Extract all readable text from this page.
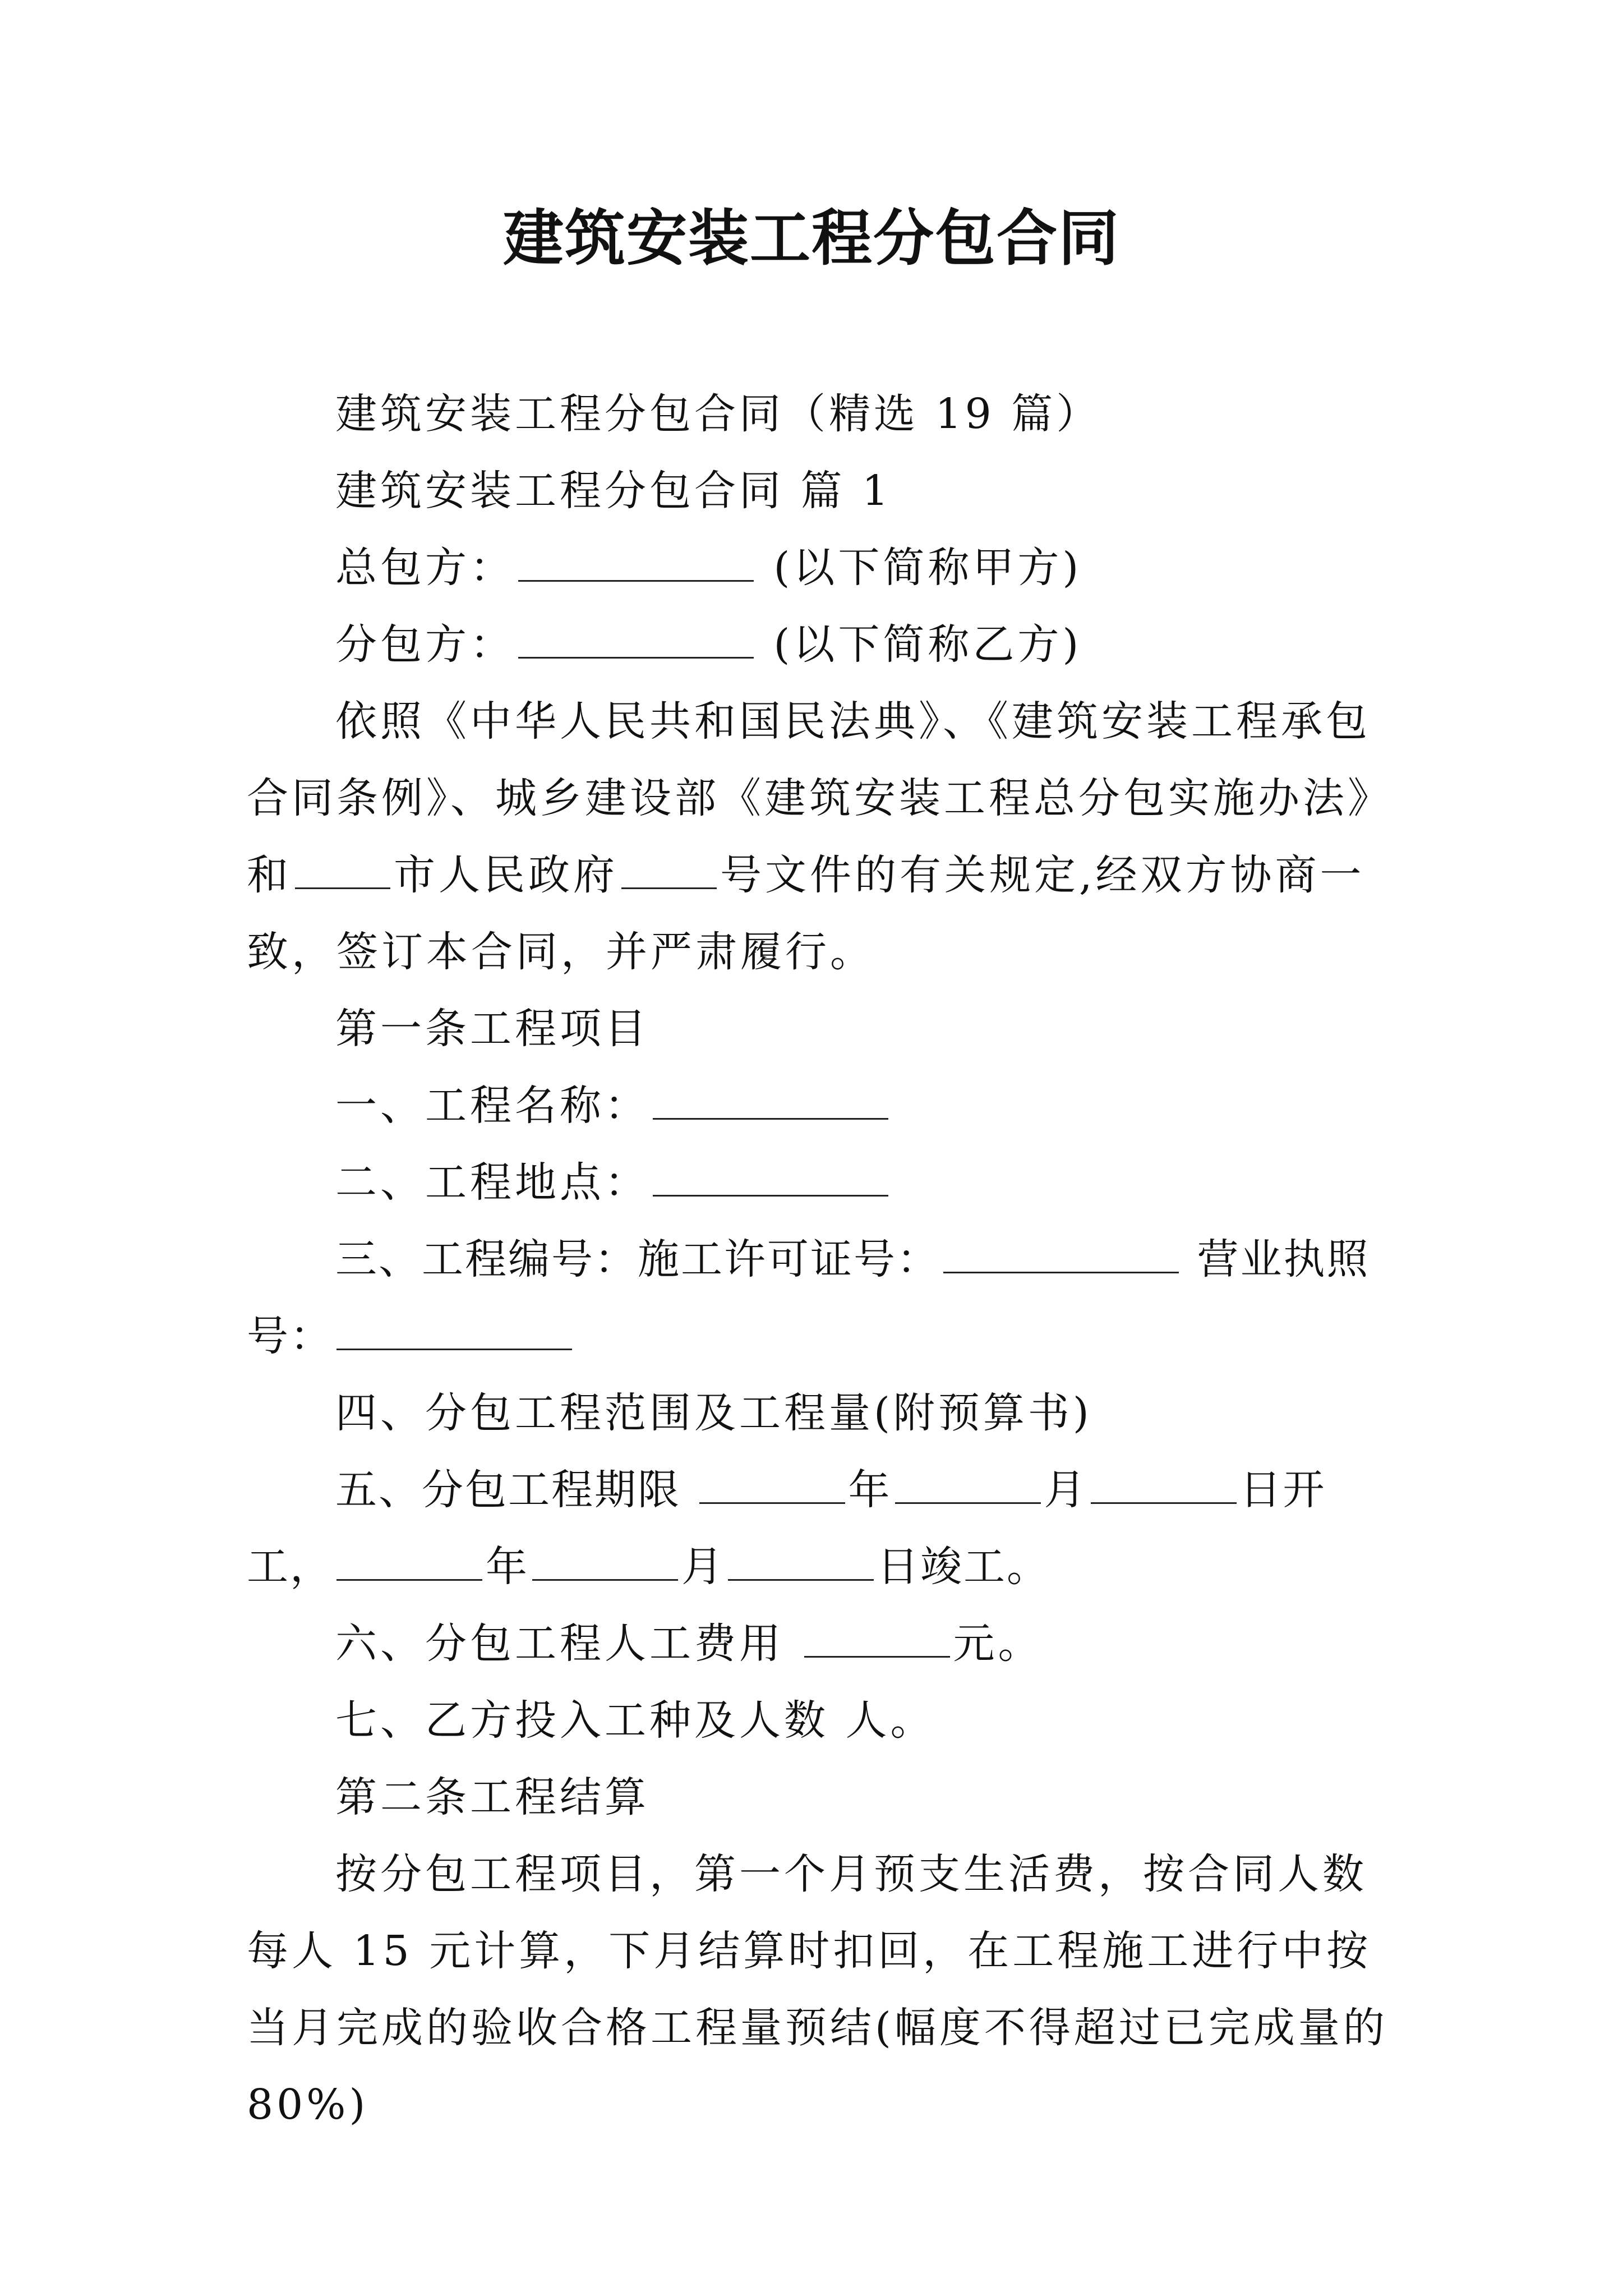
建筑安装工程分包合同

建筑安装工程分包合同（精选 19 篇）

建筑安装工程分包合同 篇 1

总包方：	(以下简称甲方)

分包方：	(以下简称乙方)

依照《中华人民共和国民法典》、《建筑安装工程承包合同条例》、城乡建设部《建筑安装工程总分包实施办法》和 市人民政府 号文件的有关规定,经双方协商一致，签订本合同，并严肃履行。

第一条工程项目

一、工程名称：

二、工程地点：

三、工程编号：施工许可证号：	营业执照号：

四、分包工程范围及工程量(附预算书)

五、分包工程期限	年	月	日开工，	年	月	日竣工。

六、分包工程人工费用	元。

七、乙方投入工种及人数 人。

第二条工程结算

按分包工程项目，第一个月预支生活费，按合同人数每人 15 元计算，下月结算时扣回，在工程施工进行中按当月完成的验收合格工程量预结(幅度不得超过已完成量的 80%)
